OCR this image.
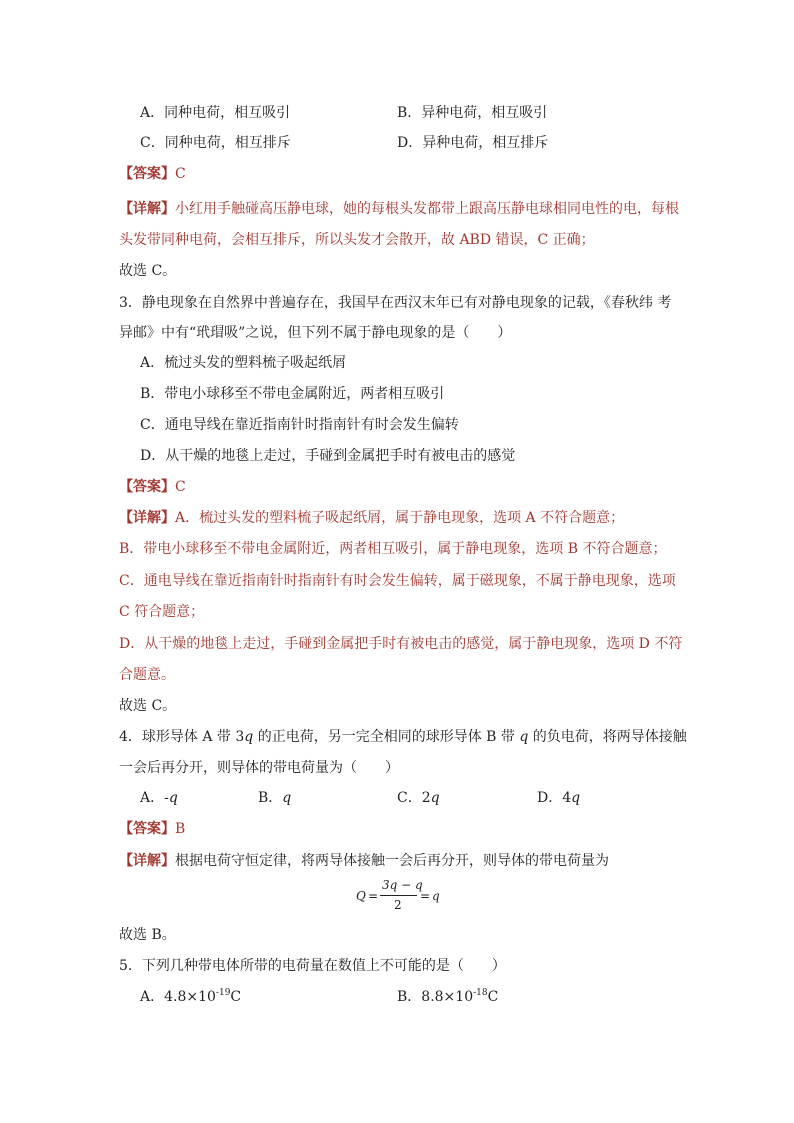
A．同种电荷，相互吸引	B．异种电荷，相互吸引
C．同种电荷，相互排斥	D．异种电荷，相互排斥
【答案】C
【详解】小红用手触碰高压静电球，她的每根头发都带上跟高压静电球相同电性的电，每根
头发带同种电荷，会相互排斥，所以头发才会散开，故 ABD 错误，C 正确；
故选 C。
3．静电现象在自然界中普遍存在，我国早在西汉末年已有对静电现象的记载，《春秋纬 考
异邮》中有“玳瑁吸”之说，但下列不属于静电现象的是（　　）
A．梳过头发的塑料梳子吸起纸屑
B．带电小球移至不带电金属附近，两者相互吸引
C．通电导线在靠近指南针时指南针有时会发生偏转
D．从干燥的地毯上走过，手碰到金属把手时有被电击的感觉
【答案】C
【详解】A．梳过头发的塑料梳子吸起纸屑，属于静电现象，选项 A 不符合题意；
B．带电小球移至不带电金属附近，两者相互吸引，属于静电现象，选项 B 不符合题意；
C．通电导线在靠近指南针时指南针有时会发生偏转，属于磁现象，不属于静电现象，选项
C 符合题意；
D．从干燥的地毯上走过，手碰到金属把手时有被电击的感觉，属于静电现象，选项 D 不符
合题意。
故选 C。
4．球形导体 A 带 3q 的正电荷，另一完全相同的球形导体 B 带 q 的负电荷，将两导体接触
一会后再分开，则导体的带电荷量为（　　）
A．-q	B．q	C．2q	D．4q
【答案】B
【详解】根据电荷守恒定律，将两导体接触一会后再分开，则导体的带电荷量为
Q =
3q − q
2
= q
故选 B。
5．下列几种带电体所带的电荷量在数值上不可能的是（　　）
A．$4.8\times 10^{-19}C$	B．$8.8\times 10^{-18}C$
